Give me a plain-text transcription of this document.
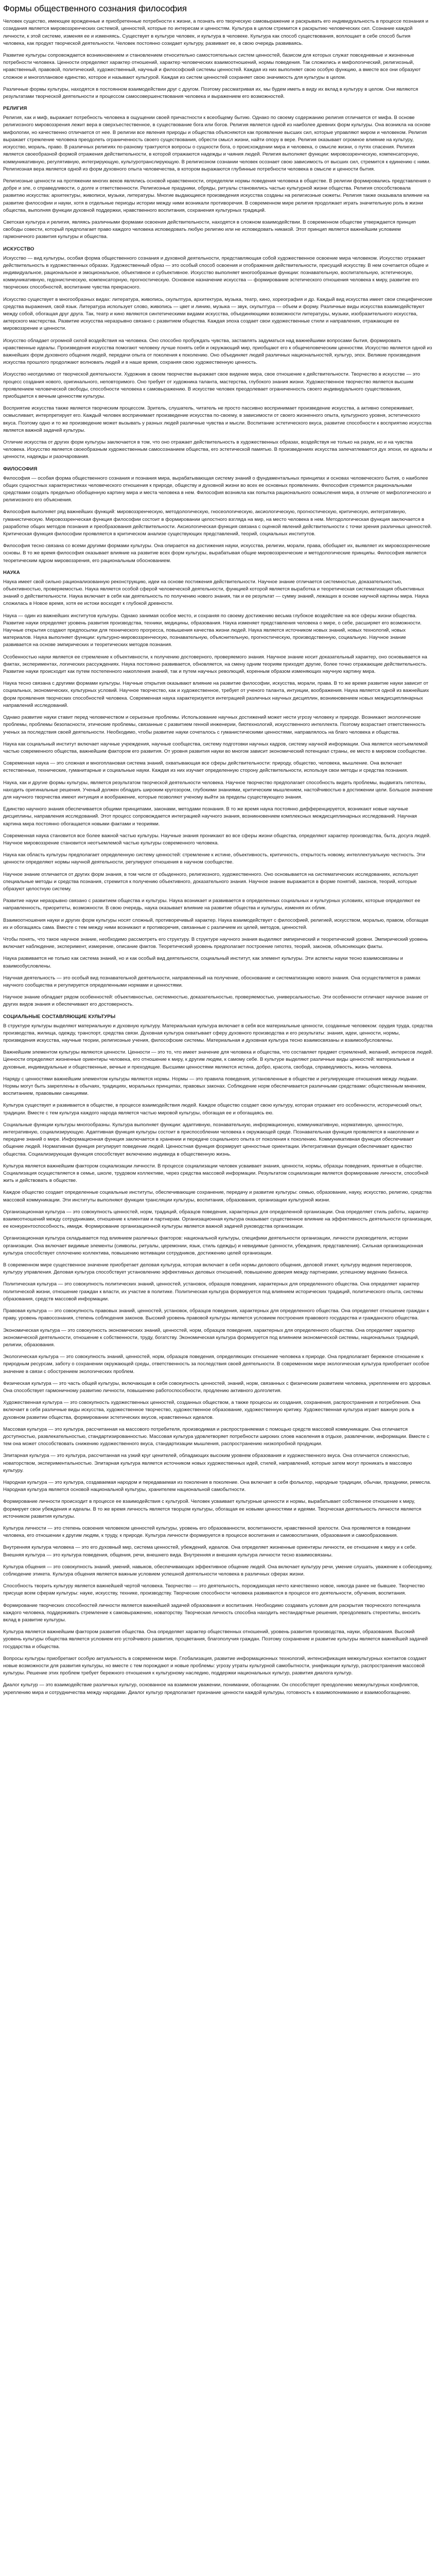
Формы общественного сознания философия

Человек существо, имеющее врожденные и приобретенные потребности к жизни, а познать его творческую самовыражение и раскрывать его индивидуальность в процессе познания и созидания является мировоззренческих системой, ценностей, которые по интересам и ценностям. Культура в целом стремится к раскрытию человеческих сил. Сознание каждой личности, к этой системе, изменяя ее и изменяясь. Существует в культуре человек, и культура в человеке. Культура как способ существования, воплощает в себе способ бытия человека, как продукт творческой деятельности. Человек постоянно созидает культуру, развивает ее, в свою очередь развиваясь.

Развитие культуры сопровождается возникновением и становлением относительно самостоятельных систем ценностей, базисом для которых служат повседневные и жизненные потребности человека. Ценности определяют характер отношений, характер человеческих взаимоотношений, нормы поведения. Так сложились и мифологический, религиозный, нравственный, правовой, политический, художественный, научный и философский системы ценностей. Каждая из них выполняет свою особую функцию, а вместе все они образуют сложное и многоплановое единство, которое и называют культурой. Каждая из систем ценностей сохраняет свою значимость для культуры в целом.

Различные формы культуры, находятся в постоянном взаимодействии друг с другом. Поэтому рассматривая их, мы будем иметь в виду их вклад в культуру в целом. Они являются результатами творческой деятельности и процессом самосовершенствования человека и выражением его возможностей.

РЕЛИГИЯ

Религия, как и миф, выражает потребность человека в ощущении своей причастности к всеобщему бытию. Однако по своему содержанию религия отличается от мифа. В основе религиозного мировоззрения лежит вера в сверхъестественное, в существование бога или богов. Религия является одной из наиболее древних форм культуры. Она возникла на основе мифологии, но качественно отличается от нее. В религии все явления природы и общества объясняются как проявление высших сил, которые управляют миром и человеком. Религия выражает стремление человека преодолеть ограниченность своего существования, обрести смысл жизни, найти опору в вере. Религия оказывает огромное влияние на культуру, искусство, мораль, право. В различных религиях по-разному трактуются вопросы о сущности бога, о происхождении мира и человека, о смысле жизни, о путях спасения. Религия является своеобразной формой отражения действительности, в которой отражаются надежды и чаяния людей. Религия выполняет функции: мировоззренческую, компенсаторную, коммуникативную, регулятивную, интегрирующую, культуротранслирующую. В религиозном сознании человек осознает свою зависимость от высших сил, стремится к единению с ними. Религиозная вера является одной из форм духовного опыта человечества, в котором выражаются глубинные потребности человека в смысле и ценности бытия.

Религиозные ценности на протяжении многих веков являлись основой нравственности, определяли нормы поведения человека в обществе. В религии формировались представления о добре и зле, о справедливости, о долге и ответственности. Религиозные праздники, обряды, ритуалы становились частью культурной жизни общества. Религия способствовала развитию искусства: архитектуры, живописи, музыки, литературы. Многие выдающиеся произведения искусства созданы на религиозные сюжеты. Религия также оказывала влияние на развитие философии и науки, хотя в отдельные периоды истории между ними возникали противоречия. В современном мире религия продолжает играть значительную роль в жизни общества, выполняя функции духовной поддержки, нравственного воспитания, сохранения культурных традиций.

Светская культура и религия, являясь различными формами освоения действительности, находятся в сложном взаимодействии. В современном обществе утверждается принцип свободы совести, который предполагает право каждого человека исповедовать любую религию или не исповедовать никакой. Этот принцип является важнейшим условием гармоничного развития культуры и общества.

ИСКУССТВО

Искусство — вид культуры, особая форма общественного сознания и духовной деятельности, представляющая собой художественное освоение мира человеком. Искусство отражает действительность в художественных образах. Художественный образ — это особый способ освоения и отображения действительности, присущий искусству. В нем сочетается общее и индивидуальное, рациональное и эмоциональное, объективное и субъективное. Искусство выполняет многообразные функции: познавательную, воспитательную, эстетическую, коммуникативную, гедонистическую, компенсаторную, прогностическую. Основное назначение искусства — формирование эстетического отношения человека к миру, развитие его творческих способностей, воспитание чувства прекрасного.

Искусство существует в многообразных видах: литература, живопись, скульптура, архитектура, музыка, театр, кино, хореография и др. Каждый вид искусства имеет свои специфические средства выражения, свой язык. Литература использует слово, живопись — цвет и линию, музыка — звук, скульптура — объем и форму. Различные виды искусства взаимодействуют между собой, обогащая друг друга. Так, театр и кино являются синтетическими видами искусства, объединяющими возможности литературы, музыки, изобразительного искусства, актерского мастерства. Развитие искусства неразрывно связано с развитием общества. Каждая эпоха создает свои художественные стили и направления, отражающие ее мировоззрение и ценности.

Искусство обладает огромной силой воздействия на человека. Оно способно пробуждать чувства, заставлять задуматься над важнейшими вопросами бытия, формировать нравственные идеалы. Произведения искусства помогают человеку лучше понять себя и окружающий мир, приобщают его к общечеловеческим ценностям. Искусство является одной из важнейших форм духовного общения людей, передачи опыта от поколения к поколению. Оно объединяет людей различных национальностей, культур, эпох. Великие произведения искусства прошлого продолжают волновать людей и в наше время, сохраняя свою художественную ценность.

Искусство неотделимо от творческой деятельности. Художник в своем творчестве выражает свое видение мира, свое отношение к действительности. Творчество в искусстве — это процесс создания нового, оригинального, неповторимого. Оно требует от художника таланта, мастерства, глубокого знания жизни. Художественное творчество является высшим проявлением человеческой свободы, способности человека к самовыражению. В искусстве человек преодолевает ограниченность своего индивидуального существования, приобщается к вечным ценностям культуры.

Восприятие искусства также является творческим процессом. Зритель, слушатель, читатель не просто пассивно воспринимает произведение искусства, а активно сопереживает, осмысливает, интерпретирует его. Каждый человек воспринимает произведение искусства по-своему, в зависимости от своего жизненного опыта, культурного уровня, эстетического вкуса. Поэтому одно и то же произведение может вызывать у разных людей различные чувства и мысли. Воспитание эстетического вкуса, развитие способности к восприятию искусства является важной задачей культуры.

Отличие искусства от других форм культуры заключается в том, что оно отражает действительность в художественных образах, воздействуя не только на разум, но и на чувства человека. Искусство является своеобразным художественным самосознанием общества, его эстетической памятью. В произведениях искусства запечатлевается дух эпохи, ее идеалы и ценности, надежды и разочарования.

ФИЛОСОФИЯ

Философия — особая форма общественного сознания и познания мира, вырабатывающая систему знаний о фундаментальных принципах и основах человеческого бытия, о наиболее общих сущностных характеристиках человеческого отношения к природе, обществу и духовной жизни во всех ее основных проявлениях. Философия стремится рациональными средствами создать предельно обобщенную картину мира и места человека в нем. Философия возникла как попытка рационального осмысления мира, в отличие от мифологического и религиозного его объяснения.

Философия выполняет ряд важнейших функций: мировоззренческую, методологическую, гносеологическую, аксиологическую, прогностическую, критическую, интегративную, гуманистическую. Мировоззренческая функция философии состоит в формировании целостного взгляда на мир, на место человека в нем. Методологическая функция заключается в разработке общих методов познания и преобразования действительности. Аксиологическая функция связана с оценкой явлений действительности с точки зрения различных ценностей. Критическая функция философии проявляется в критическом анализе существующих представлений, теорий, социальных институтов.

Философия тесно связана со всеми другими формами культуры. Она опирается на достижения науки, искусства, религии, морали, права, обобщает их, выявляет их мировоззренческие основы. В то же время философия оказывает влияние на развитие всех форм культуры, вырабатывая общие мировоззренческие и методологические принципы. Философия является теоретическим ядром мировоззрения, его рациональным обоснованием.

НАУКА

Наука имеет свой сильно рационализованную реконструкцию, идеи на основе постижения действительности. Научное знание отличается системностью, доказательностью, объективностью, проверяемостью. Наука является особой сферой человеческой деятельности, функцией которой является выработка и теоретическая систематизация объективных знаний о действительности. Наука включает в себя как деятельность по получению нового знания, так и ее результат — сумму знаний, лежащих в основе научной картины мира. Наука сложилась в Новое время, хотя ее истоки восходят к глубокой древности.

Наука — один из важнейших институтов культуры. Однако занимая особое место, и сохраняя по своему достижению весьма глубокое воздействие на все сферы жизни общества. Развитие науки определяет уровень развития производства, техники, медицины, образования. Наука изменяет представления человека о мире, о себе, расширяет его возможности. Научные открытия создают предпосылки для технического прогресса, повышения качества жизни людей. Наука является источником новых знаний, новых технологий, новых материалов. Наука выполняет функции: культурно-мировоззренческую, познавательную, объяснительную, прогностическую, производственную, социальную. Научное знание развивается на основе эмпирических и теоретических методов познания.

Особенностью науки является ее стремление к объективности, к получению достоверного, проверяемого знания. Научное знание носит доказательный характер, оно основывается на фактах, экспериментах, логических рассуждениях. Наука постоянно развивается, обновляется, на смену одним теориям приходят другие, более точно отражающие действительность. Развитие науки происходит как путем постепенного накопления знаний, так и путем научных революций, коренным образом изменяющих научную картину мира.

Наука тесно связана с другими формами культуры. Научные открытия оказывают влияние на развитие философии, искусства, морали, права. В то же время развитие науки зависит от социальных, экономических, культурных условий. Научное творчество, как и художественное, требует от ученого таланта, интуиции, воображения. Наука является одной из важнейших форм проявления творческих способностей человека. Современная наука характеризуется интеграцией различных научных дисциплин, возникновением новых междисциплинарных направлений исследований.

Однако развитие науки ставит перед человечеством и серьезные проблемы. Использование научных достижений может нести угрозу человеку и природе. Возникают экологические проблемы, проблемы безопасности, этические проблемы, связанные с развитием генной инженерии, биотехнологий, искусственного интеллекта. Поэтому возрастает ответственность ученых за последствия своей деятельности. Необходимо, чтобы развитие науки сочеталось с гуманистическими ценностями, направлялось на благо человека и общества.

Наука как социальный институт включает научные учреждения, научные сообщества, систему подготовки научных кадров, систему научной информации. Она является неотъемлемой частью современного общества, важнейшим фактором его развития. От уровня развития науки во многом зависит экономический потенциал страны, ее место в мировом сообществе.

Современная наука — это сложная и многоплановая система знаний, охватывающая все сферы действительности: природу, общество, человека, мышление. Она включает естественные, технические, гуманитарные и социальные науки. Каждая из них изучает определенную сторону действительности, используя свои методы и средства познания.

Наука, как и другие формы культуры, является результатом творческой деятельности человека. Научное творчество предполагает способность видеть проблемы, выдвигать гипотезы, находить оригинальные решения. Ученый должен обладать широким кругозором, глубокими знаниями, критическим мышлением, настойчивостью в достижении цели. Большое значение для научного творчества имеют интуиция и воображение, которые позволяют ученому выйти за пределы существующего знания.

Единство научного знания обеспечивается общими принципами, законами, методами познания. В то же время наука постоянно дифференцируется, возникают новые научные дисциплины, направления исследований. Этот процесс сопровождается интеграцией научного знания, возникновением комплексных междисциплинарных исследований. Научная картина мира постоянно обогащается новыми фактами и теориями.

Современная наука становится все более важной частью культуры. Научные знания проникают во все сферы жизни общества, определяют характер производства, быта, досуга людей. Научное мировоззрение становится неотъемлемой частью культуры современного человека.

Наука как область культуры предполагает определенную систему ценностей: стремление к истине, объективность, критичность, открытость новому, интеллектуальную честность. Эти ценности определяют нормы научной деятельности, регулируют отношения в научном сообществе.

Научное знание отличается от других форм знания, в том числе от обыденного, религиозного, художественного. Оно основывается на систематических исследованиях, использует специальные методы и средства познания, стремится к получению объективного, доказательного знания. Научное знание выражается в форме понятий, законов, теорий, которые образуют целостную систему.

Развитие науки неразрывно связано с развитием общества и культуры. Наука возникает и развивается в определенных социальных и культурных условиях, которые определяют ее направленность, приоритеты, возможности. В свою очередь, наука оказывает влияние на развитие общества и культуры, изменяя их облик.

Взаимоотношения науки и других форм культуры носят сложный, противоречивый характер. Наука взаимодействует с философией, религией, искусством, моралью, правом, обогащая их и обогащаясь сама. Вместе с тем между ними возникают и противоречия, связанные с различием их целей, методов, ценностей.

Чтобы понять, что такое научное знание, необходимо рассмотреть его структуру. В структуре научного знания выделяют эмпирический и теоретический уровни. Эмпирический уровень включает наблюдение, эксперимент, измерение, описание фактов. Теоретический уровень предполагает построение гипотез, теорий, законов, объясняющих факты.

Наука развивается не только как система знаний, но и как особый вид деятельности, социальный институт, как элемент культуры. Эти аспекты науки тесно взаимосвязаны и взаимообусловлены.

Научная деятельность — это особый вид познавательной деятельности, направленный на получение, обоснование и систематизацию нового знания. Она осуществляется в рамках научного сообщества и регулируется определенными нормами и ценностями.

Научное знание обладает рядом особенностей: объективностью, системностью, доказательностью, проверяемостью, универсальностью. Эти особенности отличают научное знание от других видов знания и обеспечивают его достоверность.

СОЦИАЛЬНЫЕ СОСТАВЛЯЮЩИЕ КУЛЬТУРЫ

В структуре культуры выделяют материальную и духовную культуру. Материальная культура включает в себя все материальные ценности, созданные человеком: орудия труда, средства производства, жилища, одежду, транспорт, средства связи. Духовная культура охватывает сферу духовного производства и его результаты: знания, идеи, ценности, нормы, произведения искусства, научные теории, религиозные учения, философские системы. Материальная и духовная культура тесно взаимосвязаны и взаимообусловлены.

Важнейшим элементом культуры являются ценности. Ценности — это то, что имеет значение для человека и общества, что составляет предмет стремлений, желаний, интересов людей. Ценности определяют жизненные ориентиры человека, его отношение к миру, к другим людям, к самому себе. В культуре выделяют различные виды ценностей: материальные и духовные, индивидуальные и общественные, вечные и преходящие. Высшими ценностями являются истина, добро, красота, свобода, справедливость, жизнь человека.

Наряду с ценностями важнейшим элементом культуры являются нормы. Нормы — это правила поведения, установленные в обществе и регулирующие отношения между людьми. Нормы могут быть закреплены в обычаях, традициях, моральных принципах, правовых законах. Соблюдение норм обеспечивается различными средствами: общественным мнением, воспитанием, правовыми санкциями.

Культура существует и развивается в обществе, в процессе взаимодействия людей. Каждое общество создает свою культуру, которая отражает его особенности, исторический опыт, традиции. Вместе с тем культура каждого народа является частью мировой культуры, обогащая ее и обогащаясь ею.

Социальные функции культуры многообразны. Культура выполняет функции: адаптивную, познавательную, информационную, коммуникативную, нормативную, ценностную, интегративную, социализирующую. Адаптивная функция культуры состоит в приспособлении человека к окружающей среде. Познавательная функция проявляется в накоплении и передаче знаний о мире. Информационная функция заключается в хранении и передаче социального опыта от поколения к поколению. Коммуникативная функция обеспечивает общение людей. Нормативная функция регулирует поведение людей. Ценностная функция формирует ценностные ориентации. Интегративная функция обеспечивает единство общества. Социализирующая функция способствует включению индивида в общественную жизнь.

Культура является важнейшим фактором социализации личности. В процессе социализации человек усваивает знания, ценности, нормы, образцы поведения, принятые в обществе. Социализация осуществляется в семье, школе, трудовом коллективе, через средства массовой информации. Результатом социализации является формирование личности, способной жить и действовать в обществе.

Каждое общество создает определенные социальные институты, обеспечивающие сохранение, передачу и развитие культуры: семью, образование, науку, искусство, религию, средства массовой коммуникации. Эти институты выполняют функции трансляции культуры, воспитания, образования, организации культурной жизни.

Организационная культура — это совокупность ценностей, норм, традиций, образцов поведения, характерных для определенной организации. Она определяет стиль работы, характер взаимоотношений между сотрудниками, отношение к клиентам и партнерам. Организационная культура оказывает существенное влияние на эффективность деятельности организации, ее конкурентоспособность, имидж. Формирование организационной культуры является важной задачей руководства организации.

Организационная культура складывается под влиянием различных факторов: национальной культуры, специфики деятельности организации, личности руководителя, истории организации. Она включает видимые элементы (символы, ритуалы, церемонии, язык, стиль одежды) и невидимые (ценности, убеждения, представления). Сильная организационная культура способствует сплочению коллектива, повышению мотивации сотрудников, достижению целей организации.

В современном мире существенное значение приобретает деловая культура, которая включает в себя нормы делового общения, деловой этикет, культуру ведения переговоров, культуру управления. Деловая культура способствует установлению эффективных деловых отношений, повышению доверия между партнерами, успешному ведению бизнеса.

Политическая культура — это совокупность политических знаний, ценностей, установок, образцов поведения, характерных для определенного общества. Она определяет характер политической жизни, отношение граждан к власти, их участие в политике. Политическая культура формируется под влиянием исторических традиций, политического опыта, системы образования, средств массовой информации.

Правовая культура — это совокупность правовых знаний, ценностей, установок, образцов поведения, характерных для определенного общества. Она определяет отношение граждан к праву, уровень правосознания, степень соблюдения законов. Высокий уровень правовой культуры является условием построения правового государства и гражданского общества.

Экономическая культура — это совокупность экономических знаний, ценностей, норм, образцов поведения, характерных для определенного общества. Она определяет характер экономической деятельности, отношение к собственности, труду, богатству. Экономическая культура формируется под влиянием экономической системы, национальных традиций, религии, образования.

Экологическая культура — это совокупность знаний, ценностей, норм, образцов поведения, определяющих отношение человека к природе. Она предполагает бережное отношение к природным ресурсам, заботу о сохранении окружающей среды, ответственность за последствия своей деятельности. В современном мире экологическая культура приобретает особое значение в связи с обострением экологических проблем.

Физическая культура — это часть общей культуры, включающая в себя совокупность ценностей, знаний, норм, связанных с физическим развитием человека, укреплением его здоровья. Она способствует гармоничному развитию личности, повышению работоспособности, продлению активного долголетия.

Художественная культура — это совокупность художественных ценностей, созданных обществом, а также процессы их создания, сохранения, распространения и потребления. Она включает в себя различные виды искусства, художественное творчество, художественное образование, художественную критику. Художественная культура играет важную роль в духовном развитии общества, формировании эстетических вкусов, нравственных идеалов.

Массовая культура — это культура, рассчитанная на массового потребителя, производимая и распространяемая с помощью средств массовой коммуникации. Она отличается доступностью, развлекательностью, стандартизированностью. Массовая культура удовлетворяет потребности широких слоев населения в отдыхе, развлечении, информации. Вместе с тем она может способствовать снижению художественного вкуса, стандартизации мышления, распространению низкопробной продукции.

Элитарная культура — это культура, рассчитанная на узкий круг ценителей, обладающих высоким уровнем образования и художественного вкуса. Она отличается сложностью, новаторством, экспериментальностью. Элитарная культура является источником новых художественных идей, стилей, направлений, которые затем могут проникать в массовую культуру.

Народная культура — это культура, создаваемая народом и передаваемая из поколения в поколение. Она включает в себя фольклор, народные традиции, обычаи, праздники, ремесла. Народная культура является основой национальной культуры, хранителем национальной самобытности.

Формирование личности происходит в процессе ее взаимодействия с культурой. Человек усваивает культурные ценности и нормы, вырабатывает собственное отношение к миру, формирует свои убеждения и идеалы. В то же время личность является творцом культуры, обогащая ее новыми ценностями и идеями. Творческая деятельность личности является источником развития культуры.

Культура личности — это степень освоения человеком ценностей культуры, уровень его образованности, воспитанности, нравственной зрелости. Она проявляется в поведении человека, его отношении к другим людям, к труду, к природе. Культура личности формируется в процессе воспитания и самовоспитания, образования и самообразования.

Внутренняя культура человека — это его духовный мир, система ценностей, убеждений, идеалов. Она определяет жизненные ориентиры личности, ее отношение к миру и к себе. Внешняя культура — это культура поведения, общения, речи, внешнего вида. Внутренняя и внешняя культура личности тесно взаимосвязаны.

Культура общения — это совокупность знаний, умений, навыков, обеспечивающих эффективное общение людей. Она включает культуру речи, умение слушать, уважение к собеседнику, соблюдение этикета. Культура общения является важным условием успешной деятельности человека в различных сферах жизни.

Способность творить культуру является важнейшей чертой человека. Творчество — это деятельность, порождающая нечто качественно новое, никогда ранее не бывшее. Творчество присуще всем сферам культуры: науке, искусству, технике, производству. Творческие способности человека развиваются в процессе его деятельности, обучения, воспитания.

Формирование творческих способностей личности является важнейшей задачей образования и воспитания. Необходимо создавать условия для раскрытия творческого потенциала каждого человека, поддерживать стремление к самовыражению, новаторству. Творческая личность способна находить нестандартные решения, преодолевать стереотипы, вносить вклад в развитие культуры.

Культура является важнейшим фактором развития общества. Она определяет характер общественных отношений, уровень развития производства, науки, образования. Высокий уровень культуры общества является условием его устойчивого развития, процветания, благополучия граждан. Поэтому сохранение и развитие культуры является важнейшей задачей государства и общества.

Вопросы культуры приобретают особую актуальность в современном мире. Глобализация, развитие информационных технологий, интенсификация межкультурных контактов создают новые возможности для развития культуры, но вместе с тем порождают и новые проблемы: угрозу утраты культурной самобытности, унификации культур, распространения массовой культуры. Решение этих проблем требует бережного отношения к культурному наследию, поддержки национальных культур, развития диалога культур.

Диалог культур — это взаимодействие различных культур, основанное на взаимном уважении, понимании, обогащении. Он способствует преодолению межкультурных конфликтов, укреплению мира и сотрудничества между народами. Диалог культур предполагает признание ценности каждой культуры, готовность к взаимопониманию и взаимообогащению.
